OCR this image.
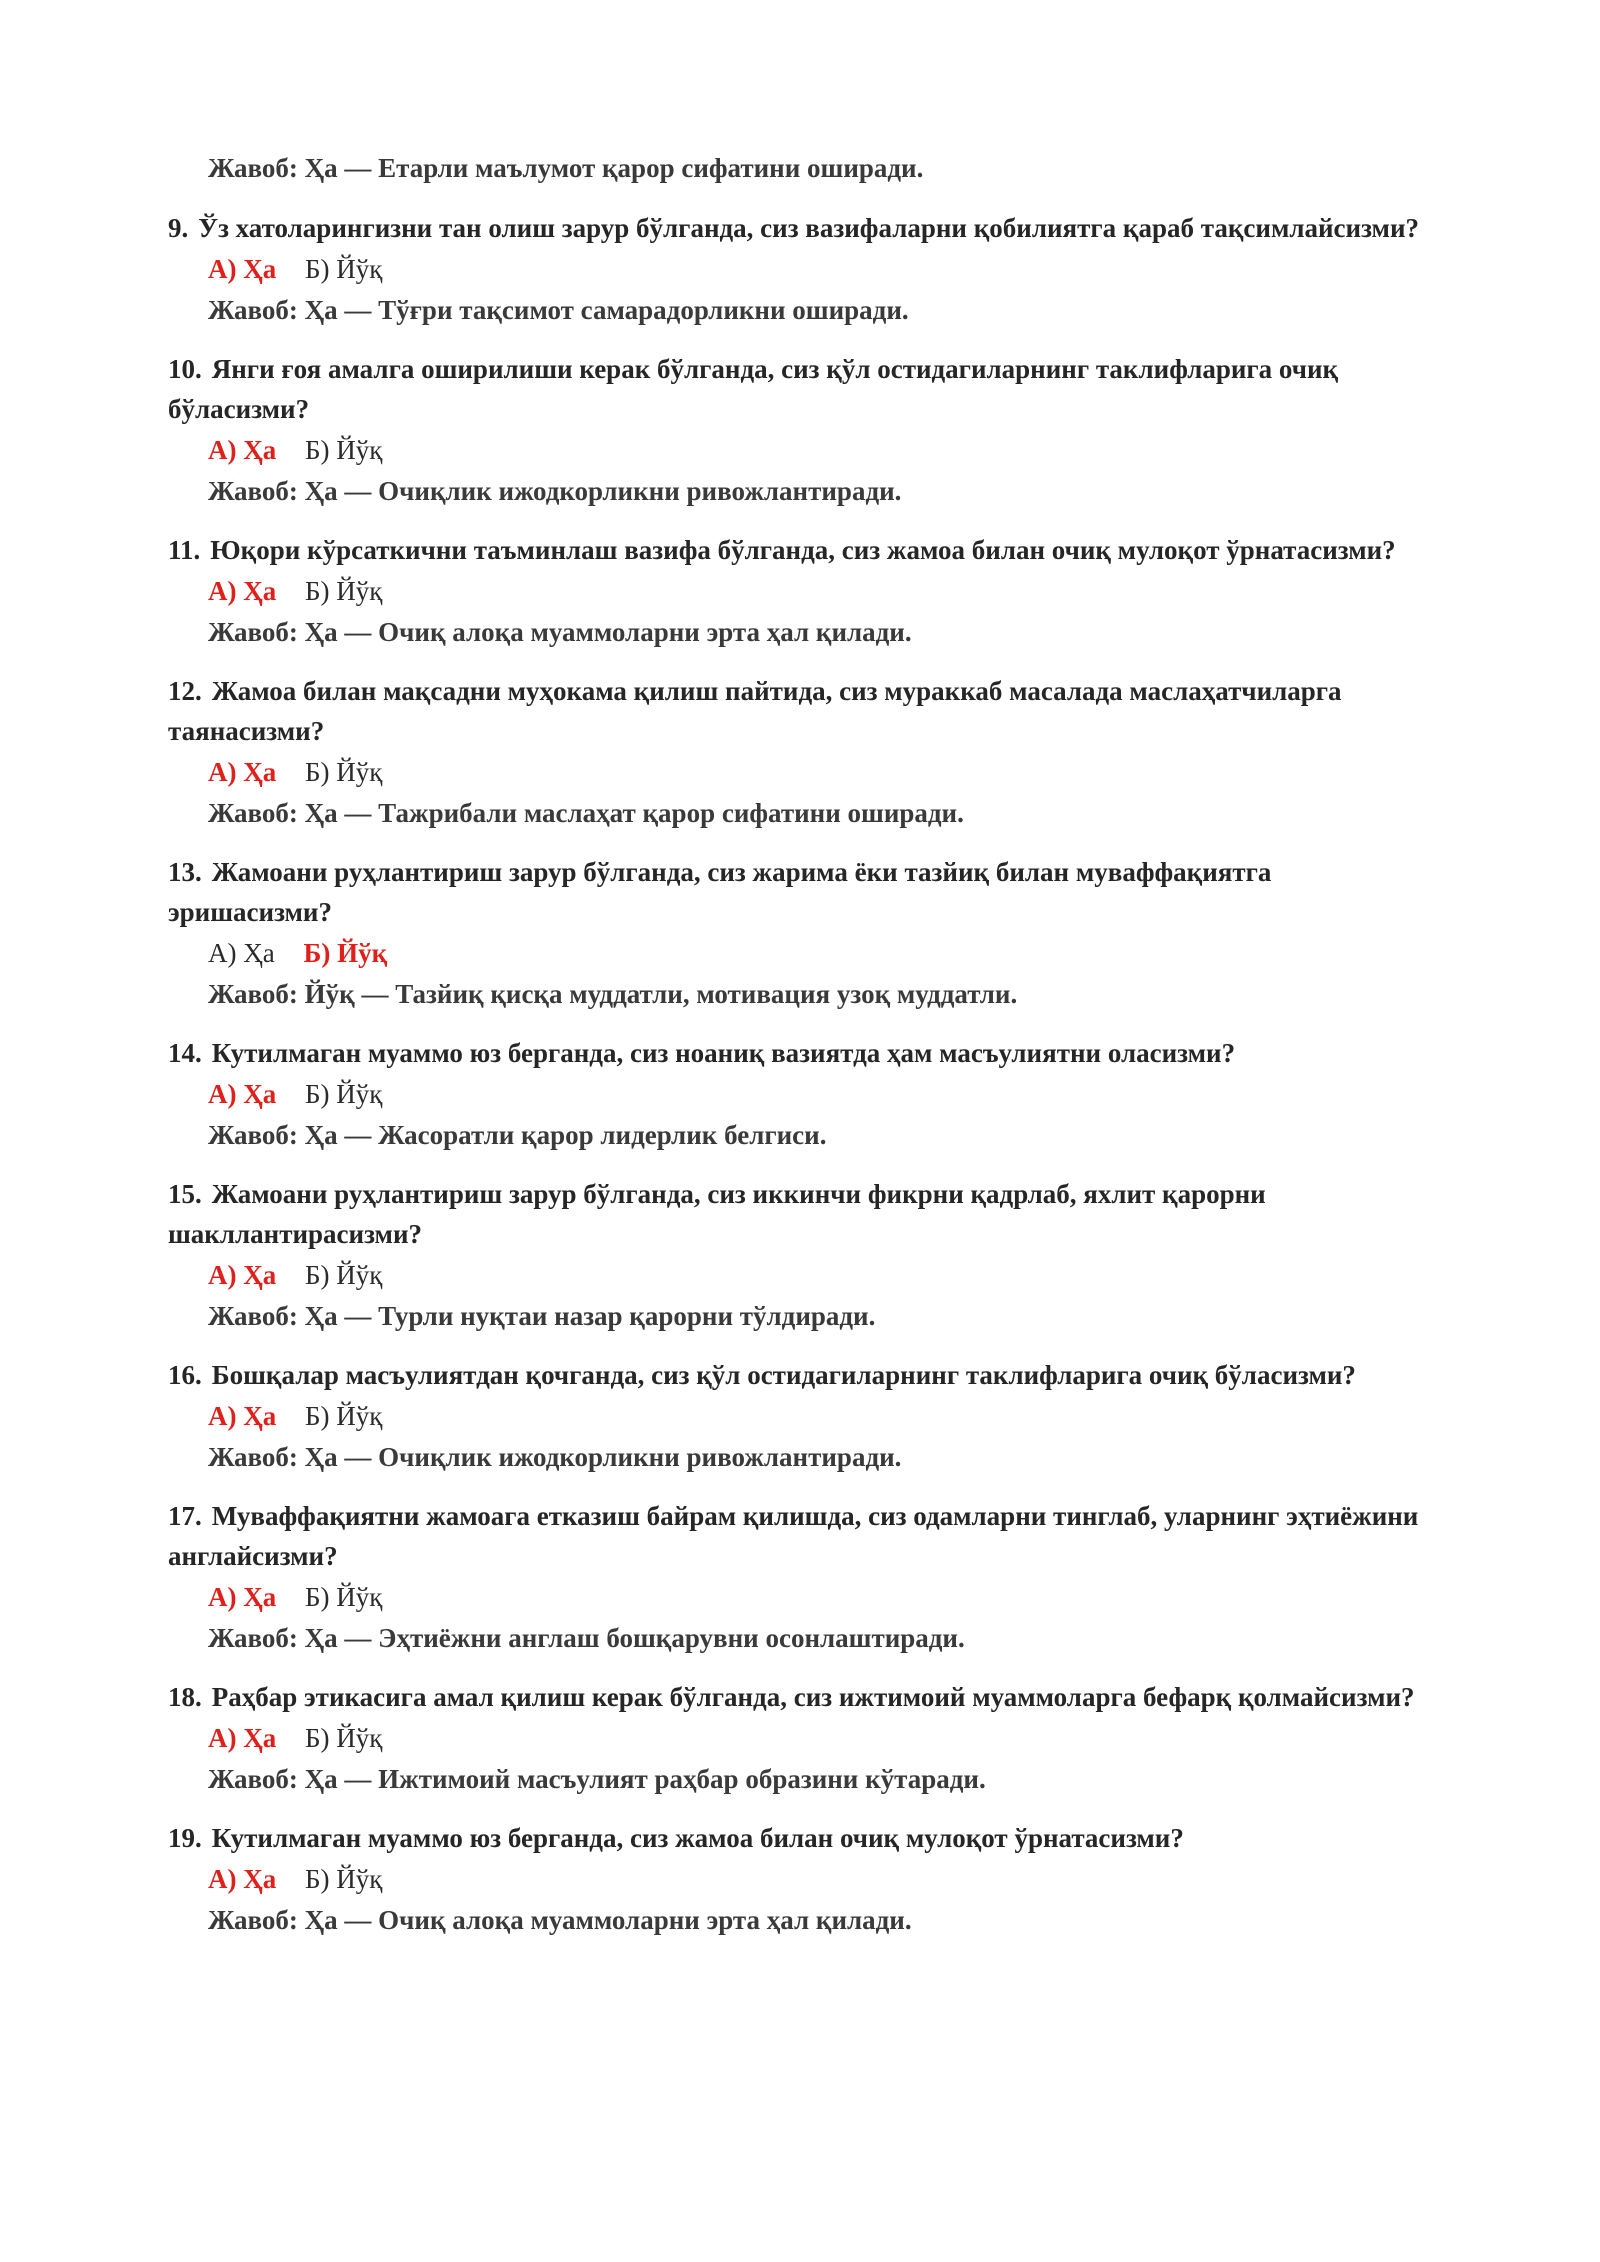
Жавоб: Ҳа — Етарли маълумот қарор сифатини оширади.
9. Ўз хатоларингизни тан олиш зарур бўлганда, сиз вазифаларни қобилиятга қараб тақсимлайсизми?
А) Ҳа Б) Йўқ
Жавоб: Ҳа — Тўғри тақсимот самарадорликни оширади.
10. Янги ғоя амалга оширилиши керак бўлганда, сиз қўл остидагиларнинг таклифларига очиқ бўласизми?
А) Ҳа Б) Йўқ
Жавоб: Ҳа — Очиқлик ижодкорликни ривожлантиради.
11. Юқори кўрсаткични таъминлаш вазифа бўлганда, сиз жамоа билан очиқ мулоқот ўрнатасизми?
А) Ҳа Б) Йўқ
Жавоб: Ҳа — Очиқ алоқа муаммоларни эрта ҳал қилади.
12. Жамоа билан мақсадни муҳокама қилиш пайтида, сиз мураккаб масалада маслаҳатчиларга таянасизми?
А) Ҳа Б) Йўқ
Жавоб: Ҳа — Тажрибали маслаҳат қарор сифатини оширади.
13. Жамоани руҳлантириш зарур бўлганда, сиз жарима ёки тазйиқ билан муваффақиятга эришасизми?
А) Ҳа Б) Йўқ
Жавоб: Йўқ — Тазйиқ қисқа муддатли, мотивация узоқ муддатли.
14. Кутилмаган муаммо юз берганда, сиз ноаниқ вазиятда ҳам масъулиятни оласизми?
А) Ҳа Б) Йўқ
Жавоб: Ҳа — Жасоратли қарор лидерлик белгиси.
15. Жамоани руҳлантириш зарур бўлганда, сиз иккинчи фикрни қадрлаб, яхлит қарорни шакллантирасизми?
А) Ҳа Б) Йўқ
Жавоб: Ҳа — Турли нуқтаи назар қарорни тўлдиради.
16. Бошқалар масъулиятдан қочганда, сиз қўл остидагиларнинг таклифларига очиқ бўласизми?
А) Ҳа Б) Йўқ
Жавоб: Ҳа — Очиқлик ижодкорликни ривожлантиради.
17. Муваффақиятни жамоага етказиш байрам қилишда, сиз одамларни тинглаб, уларнинг эҳтиёжини англайсизми?
А) Ҳа Б) Йўқ
Жавоб: Ҳа — Эҳтиёжни англаш бошқарувни осонлаштиради.
18. Раҳбар этикасига амал қилиш керак бўлганда, сиз ижтимоий муаммоларга бефарқ қолмайсизми?
А) Ҳа Б) Йўқ
Жавоб: Ҳа — Ижтимоий масъулият раҳбар образини кўтаради.
19. Кутилмаган муаммо юз берганда, сиз жамоа билан очиқ мулоқот ўрнатасизми?
А) Ҳа Б) Йўқ
Жавоб: Ҳа — Очиқ алоқа муаммоларни эрта ҳал қилади.
